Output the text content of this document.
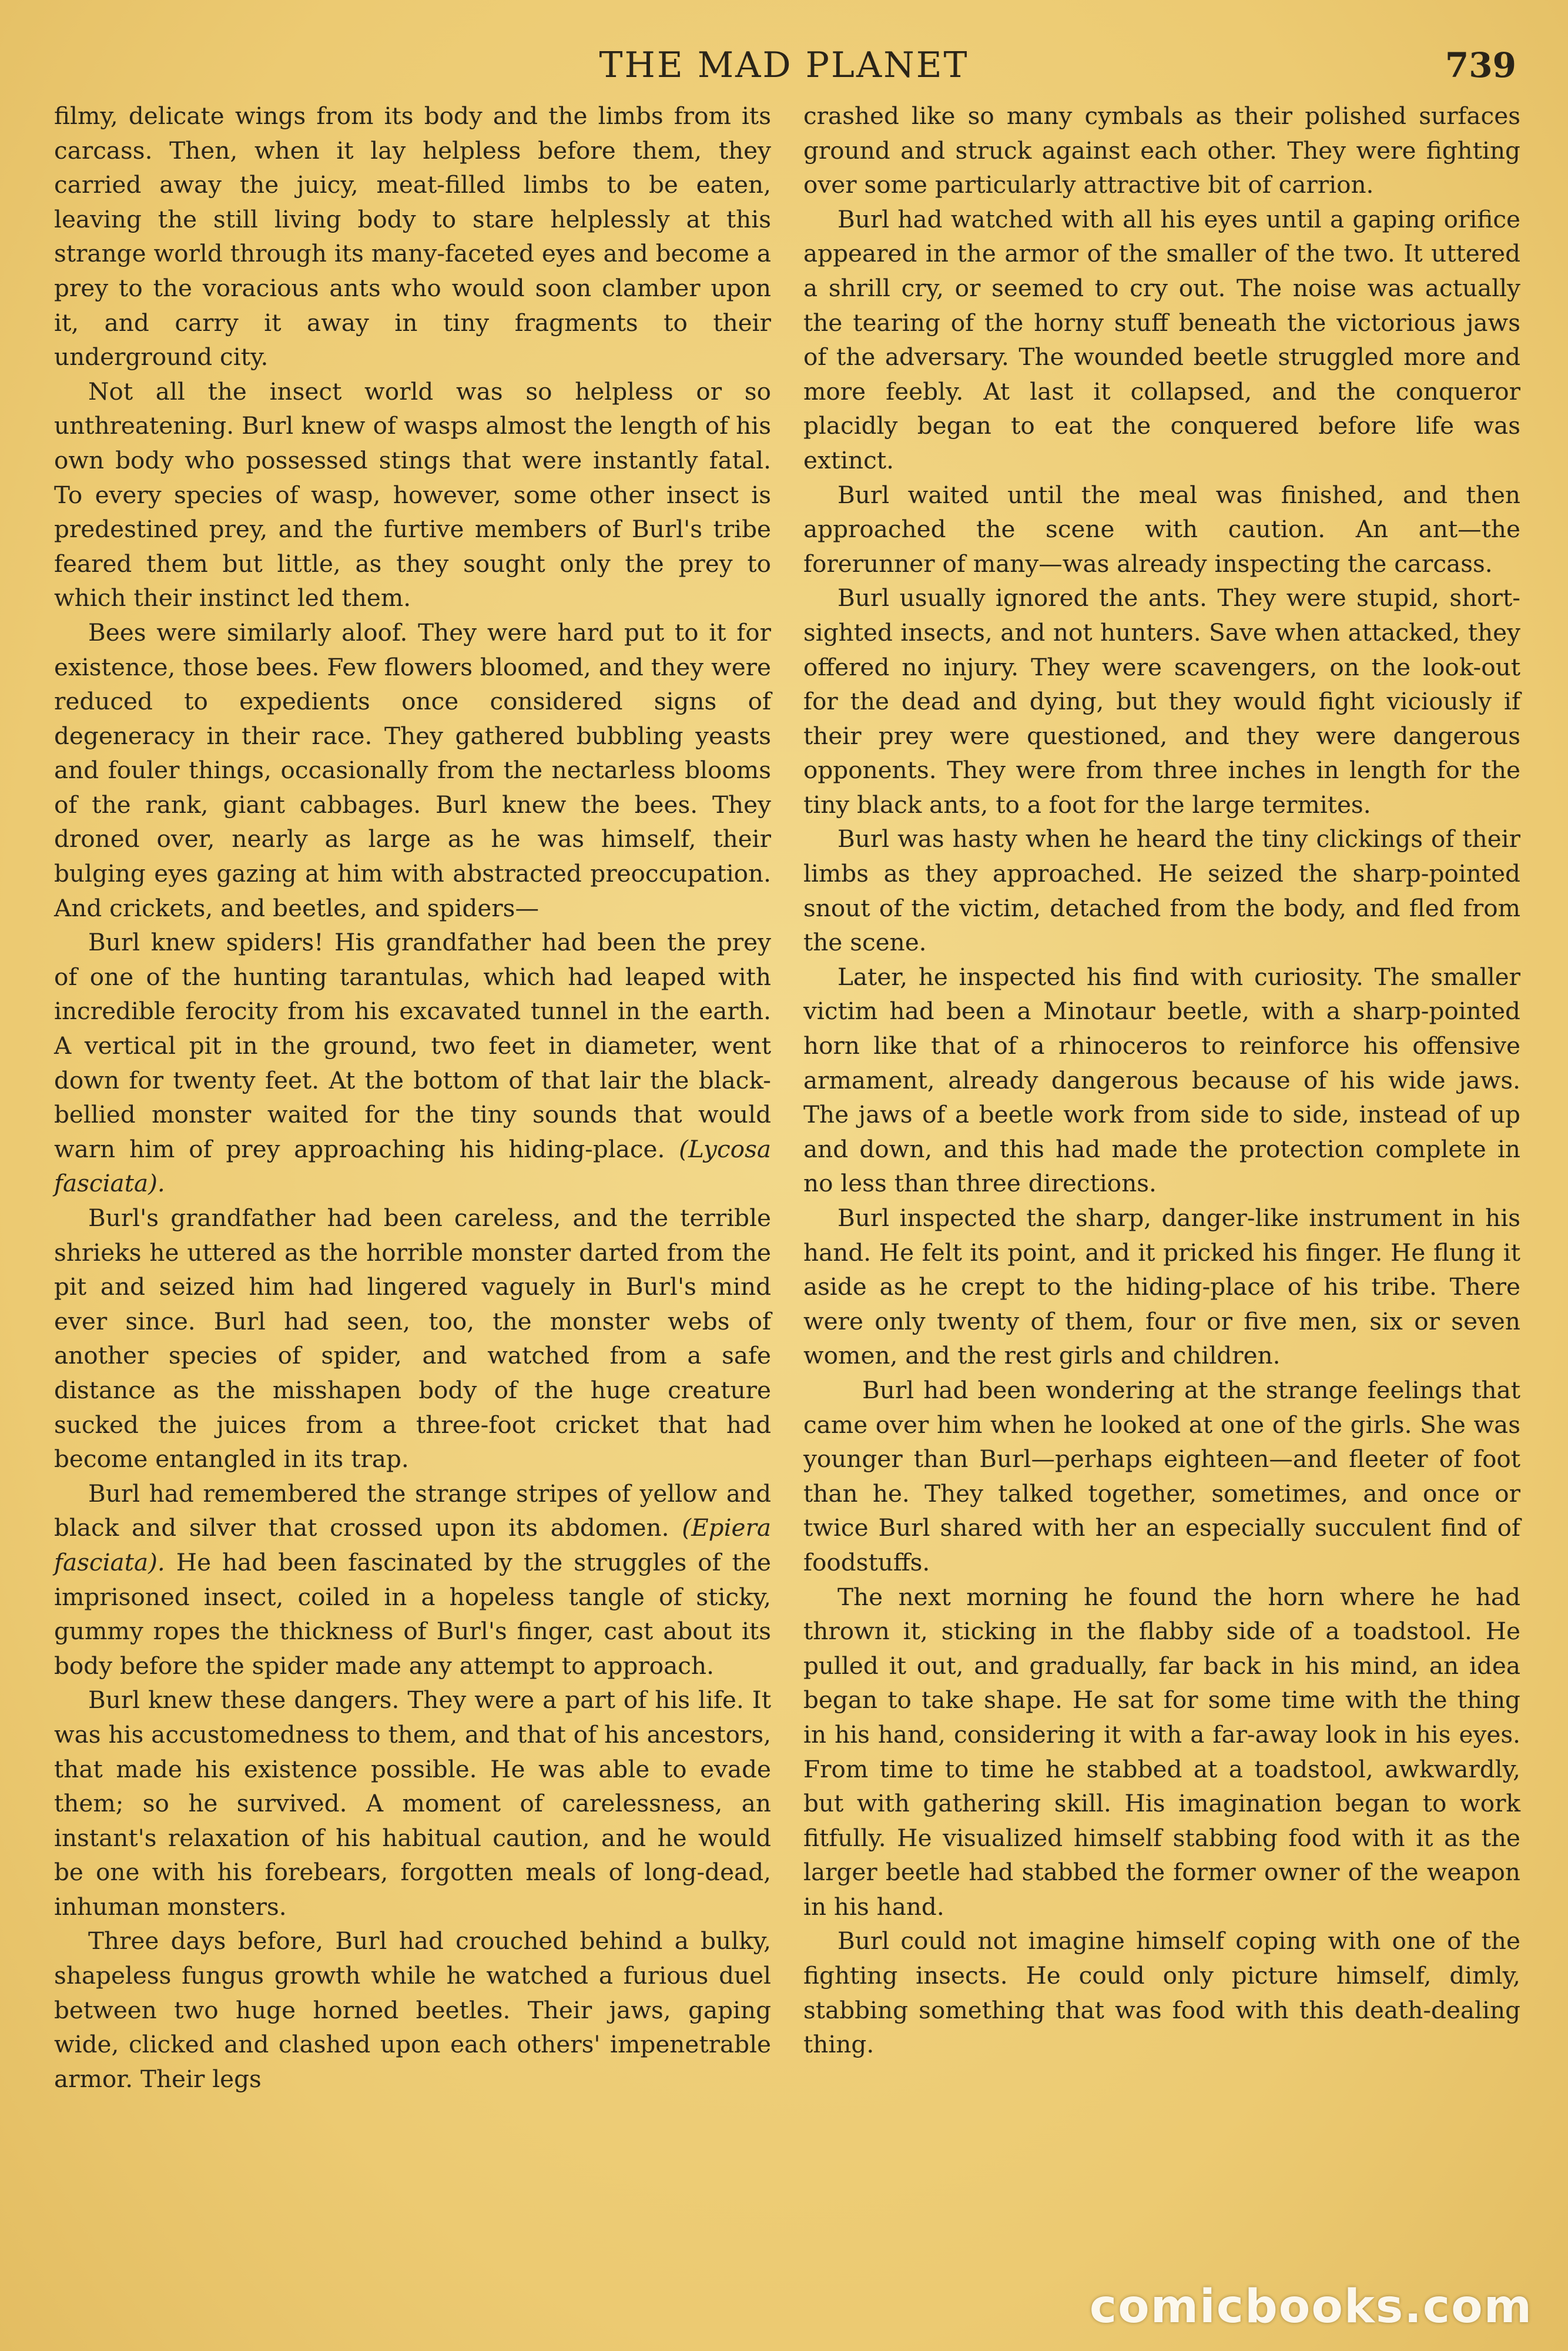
THE MAD PLANET	739

filmy, delicate wings from its body and the limbs from its carcass. Then, when it lay helpless before them, they carried away the juicy, meat-filled limbs to be eaten, leaving the still living body to stare helplessly at this strange world through its many-faceted eyes and become a prey to the voracious ants who would soon clamber upon it, and carry it away in tiny fragments to their underground city.

Not all the insect world was so helpless or so unthreatening. Burl knew of wasps almost the length of his own body who possessed stings that were instantly fatal. To every species of wasp, however, some other insect is predestined prey, and the furtive members of Burl's tribe feared them but little, as they sought only the prey to which their instinct led them.

Bees were similarly aloof. They were hard put to it for existence, those bees. Few flowers bloomed, and they were reduced to expedients once considered signs of degeneracy in their race. They gathered bubbling yeasts and fouler things, occasionally from the nectarless blooms of the rank, giant cabbages. Burl knew the bees. They droned over, nearly as large as he was himself, their bulging eyes gazing at him with abstracted preoccupation. And crickets, and beetles, and spiders—

Burl knew spiders! His grandfather had been the prey of one of the hunting tarantulas, which had leaped with incredible ferocity from his excavated tunnel in the earth. A vertical pit in the ground, two feet in diameter, went down for twenty feet. At the bottom of that lair the black-bellied monster waited for the tiny sounds that would warn him of prey approaching his hiding-place. (Lycosa fasciata).

Burl's grandfather had been careless, and the terrible shrieks he uttered as the horrible monster darted from the pit and seized him had lingered vaguely in Burl's mind ever since. Burl had seen, too, the monster webs of another species of spider, and watched from a safe distance as the misshapen body of the huge creature sucked the juices from a three-foot cricket that had become entangled in its trap.

Burl had remembered the strange stripes of yellow and black and silver that crossed upon its abdomen. (Epiera fasciata). He had been fascinated by the struggles of the imprisoned insect, coiled in a hopeless tangle of sticky, gummy ropes the thickness of Burl's finger, cast about its body before the spider made any attempt to approach.

Burl knew these dangers. They were a part of his life. It was his accustomedness to them, and that of his ancestors, that made his existence possible. He was able to evade them; so he survived. A moment of carelessness, an instant's relaxation of his habitual caution, and he would be one with his forebears, forgotten meals of long-dead, inhuman monsters.

Three days before, Burl had crouched behind a bulky, shapeless fungus growth while he watched a furious duel between two huge horned beetles. Their jaws, gaping wide, clicked and clashed upon each others' impenetrable armor. Their legs

crashed like so many cymbals as their polished surfaces ground and struck against each other. They were fighting over some particularly attractive bit of carrion.

Burl had watched with all his eyes until a gaping orifice appeared in the armor of the smaller of the two. It uttered a shrill cry, or seemed to cry out. The noise was actually the tearing of the horny stuff beneath the victorious jaws of the adversary. The wounded beetle struggled more and more feebly. At last it collapsed, and the conqueror placidly began to eat the conquered before life was extinct.

Burl waited until the meal was finished, and then approached the scene with caution. An ant—the forerunner of many—was already inspecting the carcass.

Burl usually ignored the ants. They were stupid, short-sighted insects, and not hunters. Save when attacked, they offered no injury. They were scavengers, on the look-out for the dead and dying, but they would fight viciously if their prey were questioned, and they were dangerous opponents. They were from three inches in length for the tiny black ants, to a foot for the large termites.

Burl was hasty when he heard the tiny clickings of their limbs as they approached. He seized the sharp-pointed snout of the victim, detached from the body, and fled from the scene.

Later, he inspected his find with curiosity. The smaller victim had been a Minotaur beetle, with a sharp-pointed horn like that of a rhinoceros to reinforce his offensive armament, already dangerous because of his wide jaws. The jaws of a beetle work from side to side, instead of up and down, and this had made the protection complete in no less than three directions.

Burl inspected the sharp, danger-like instrument in his hand. He felt its point, and it pricked his finger. He flung it aside as he crept to the hiding-place of his tribe. There were only twenty of them, four or five men, six or seven women, and the rest girls and children.

Burl had been wondering at the strange feelings that came over him when he looked at one of the girls. She was younger than Burl—perhaps eighteen—and fleeter of foot than he. They talked together, sometimes, and once or twice Burl shared with her an especially succulent find of foodstuffs.

The next morning he found the horn where he had thrown it, sticking in the flabby side of a toadstool. He pulled it out, and gradually, far back in his mind, an idea began to take shape. He sat for some time with the thing in his hand, considering it with a far-away look in his eyes. From time to time he stabbed at a toadstool, awkwardly, but with gathering skill. His imagination began to work fitfully. He visualized himself stabbing food with it as the larger beetle had stabbed the former owner of the weapon in his hand.

Burl could not imagine himself coping with one of the fighting insects. He could only picture himself, dimly, stabbing something that was food with this death-dealing thing.

comicbooks.com
